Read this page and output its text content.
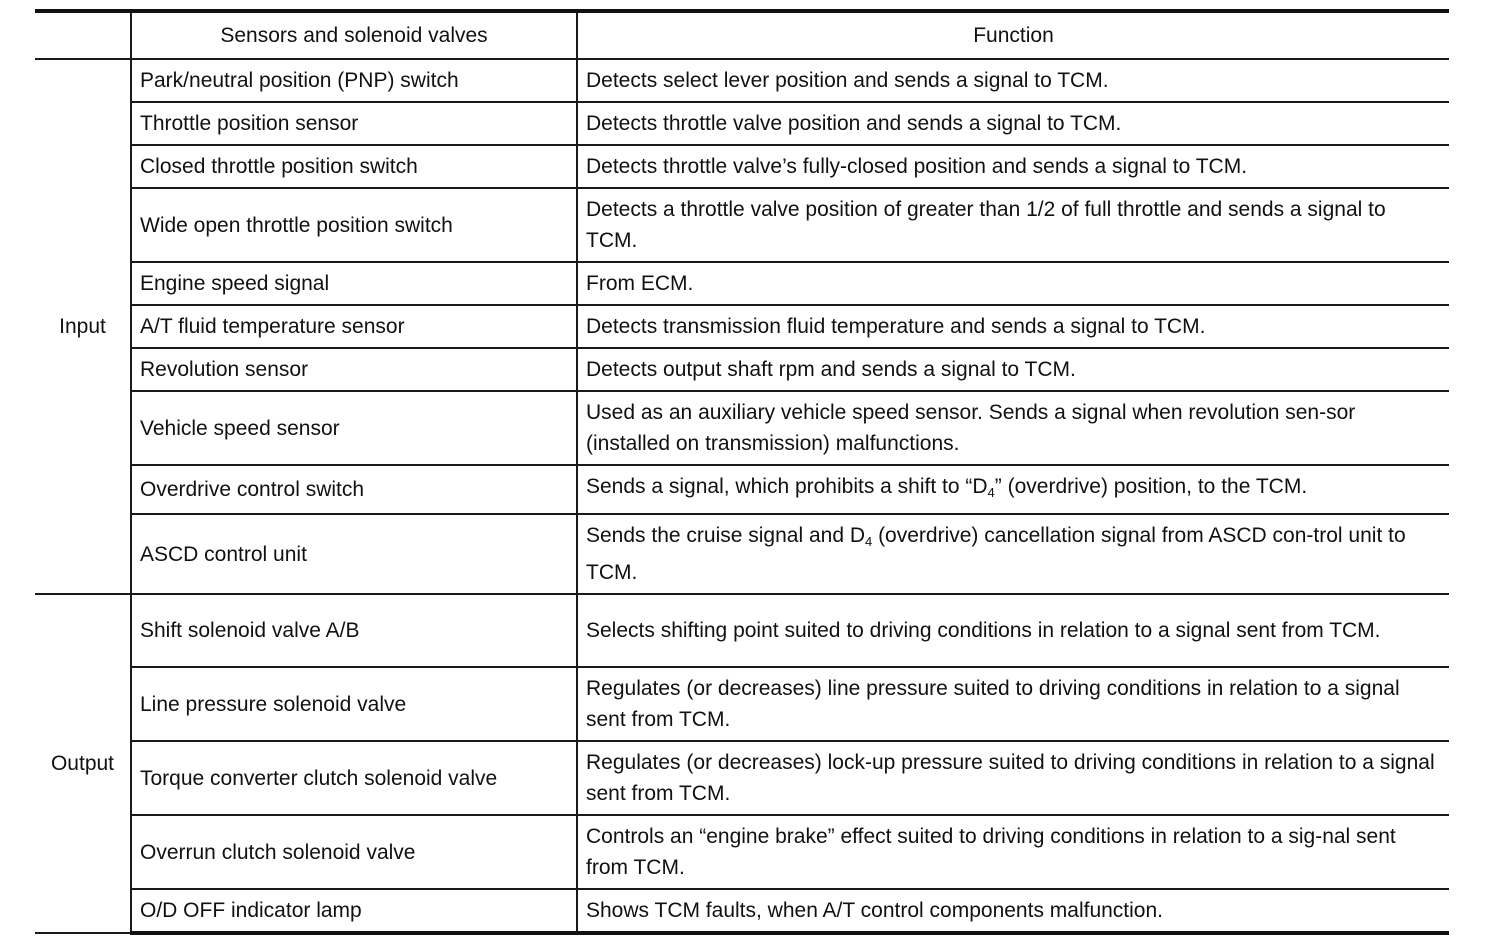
	Sensors and solenoid valves	Function
Input	Park/neutral position (PNP) switch	Detects select lever position and sends a signal to TCM.
	Throttle position sensor	Detects throttle valve position and sends a signal to TCM.
	Closed throttle position switch	Detects throttle valve’s fully-closed position and sends a signal to TCM.
	Wide open throttle position switch	Detects a throttle valve position of greater than 1/2 of full throttle and sends a signal to TCM.
	Engine speed signal	From ECM.
	A/T fluid temperature sensor	Detects transmission fluid temperature and sends a signal to TCM.
	Revolution sensor	Detects output shaft rpm and sends a signal to TCM.
	Vehicle speed sensor	Used as an auxiliary vehicle speed sensor. Sends a signal when revolution sen-sor (installed on transmission) malfunctions.
	Overdrive control switch	Sends a signal, which prohibits a shift to “$D_4$” (overdrive) position, to the TCM.
	ASCD control unit	Sends the cruise signal and $D_4$ (overdrive) cancellation signal from ASCD con-trol unit to TCM.
Output	Shift solenoid valve A/B	Selects shifting point suited to driving conditions in relation to a signal sent from TCM.
	Line pressure solenoid valve	Regulates (or decreases) line pressure suited to driving conditions in relation to a signal sent from TCM.
	Torque converter clutch solenoid valve	Regulates (or decreases) lock-up pressure suited to driving conditions in relation to a signal sent from TCM.
	Overrun clutch solenoid valve	Controls an “engine brake” effect suited to driving conditions in relation to a sig-nal sent from TCM.
	O/D OFF indicator lamp	Shows TCM faults, when A/T control components malfunction.
